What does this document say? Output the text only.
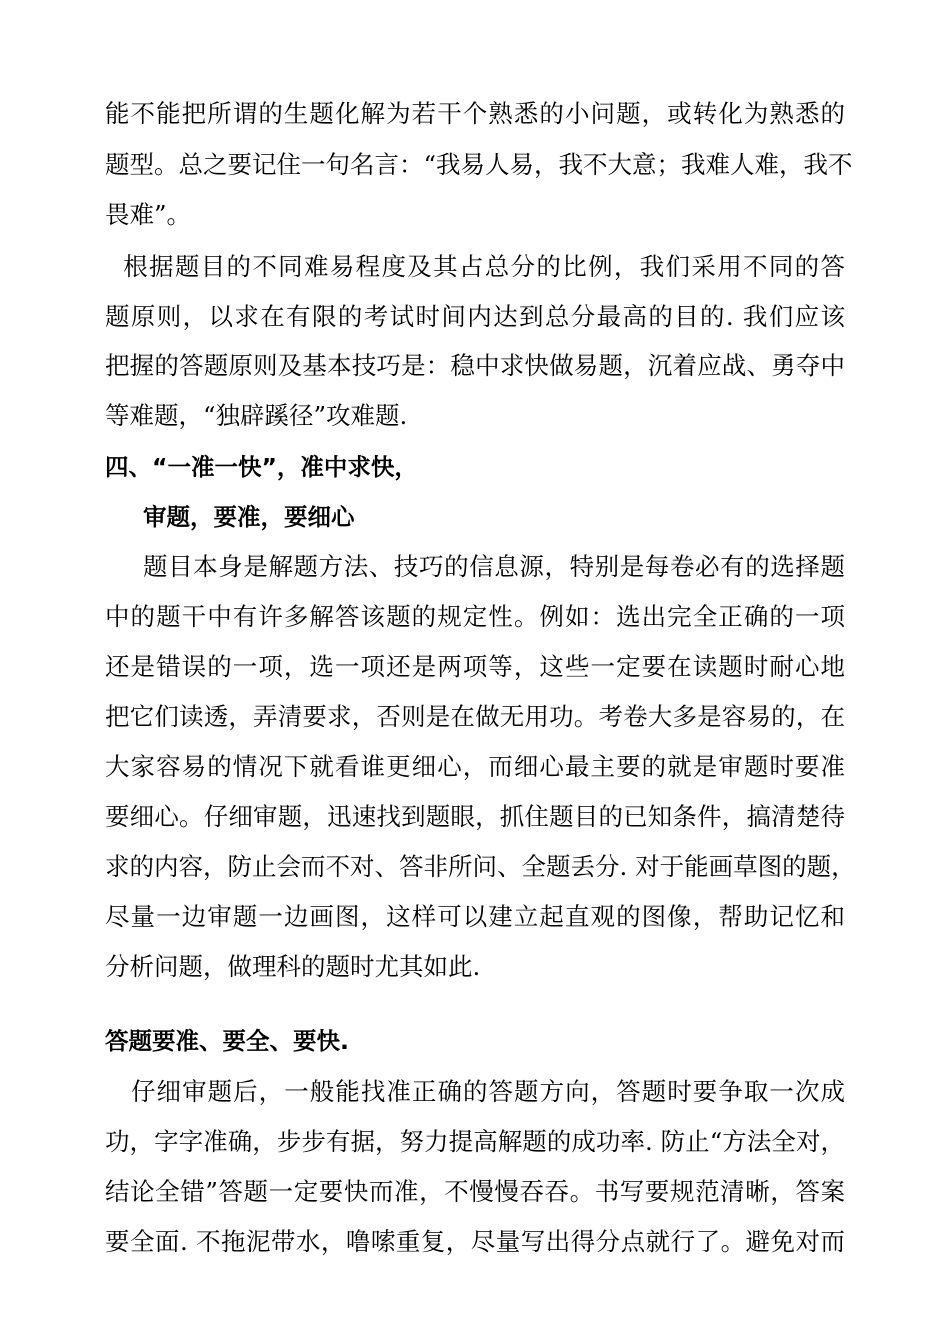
能不能把所谓的生题化解为若干个熟悉的小问题，或转化为熟悉的
题型。总之要记住一句名言：“我易人易，我不大意；我难人难，我不
畏难”。
根据题目的不同难易程度及其占总分的比例，我们采用不同的答
题原则，以求在有限的考试时间内达到总分最高的目的. 我们应该
把握的答题原则及基本技巧是：稳中求快做易题，沉着应战、勇夺中
等难题，“独辟蹊径”攻难题.
四、“一准一快”，准中求快，
审题，要准，要细心
题目本身是解题方法、技巧的信息源，特别是每卷必有的选择题
中的题干中有许多解答该题的规定性。例如：选出完全正确的一项
还是错误的一项，选一项还是两项等，这些一定要在读题时耐心地
把它们读透，弄清要求，否则是在做无用功。考卷大多是容易的，在
大家容易的情况下就看谁更细心，而细心最主要的就是审题时要准
要细心。仔细审题，迅速找到题眼，抓住题目的已知条件，搞清楚待
求的内容，防止会而不对、答非所问、全题丢分. 对于能画草图的题，
尽量一边审题一边画图，这样可以建立起直观的图像，帮助记忆和
分析问题，做理科的题时尤其如此.
答题要准、要全、要快.
仔细审题后，一般能找准正确的答题方向，答题时要争取一次成
功，字字准确，步步有据，努力提高解题的成功率. 防止“方法全对，
结论全错”答题一定要快而准，不慢慢吞吞。书写要规范清晰，答案
要全面. 不拖泥带水，噜嗦重复，尽量写出得分点就行了。避免对而
